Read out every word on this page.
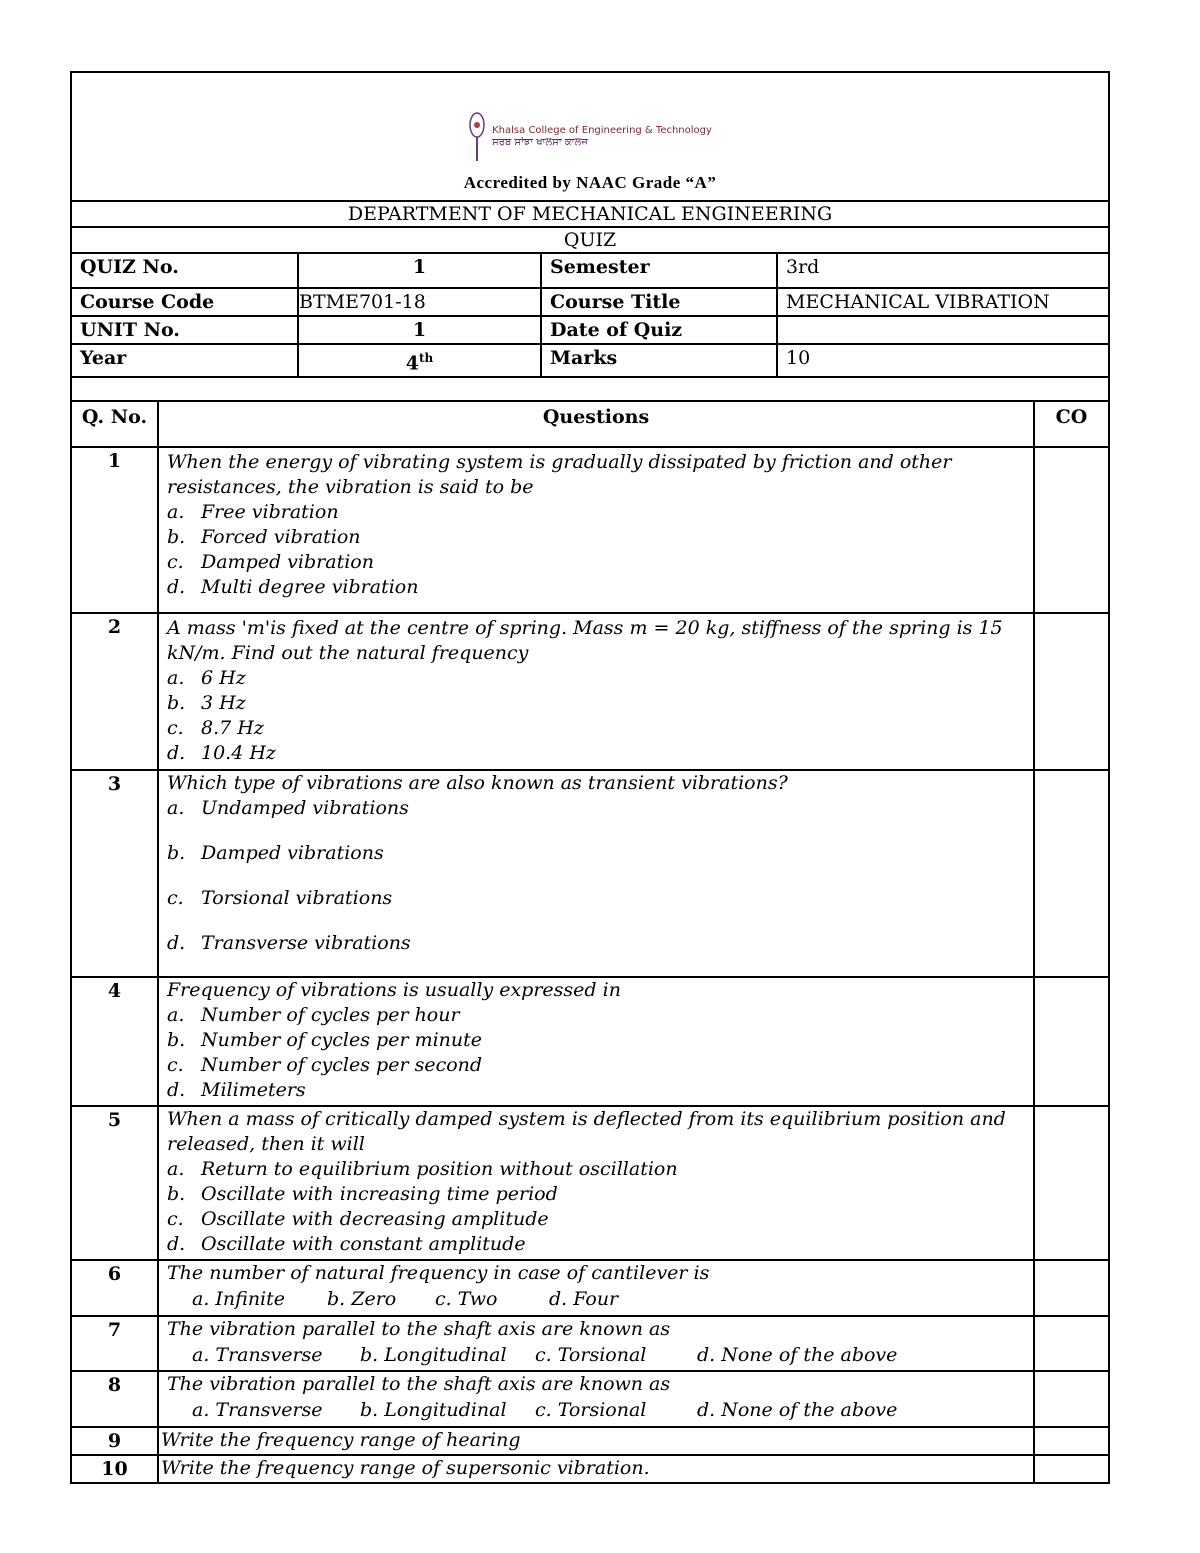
Khalsa College of Engineering & Technology
ਸਰਬ ਸਾਂਝਾ ਖਾਲਸਾ ਕਾਲਜ
Accredited by NAAC Grade “A”			

DEPARTMENT OF MECHANICAL ENGINEERING			
QUIZ			
QUIZ No.	1	Semester	3rd
Course Code	BTME701-18	Course Title	MECHANICAL VIBRATION
UNIT No.	1	Date of Quiz	
Year	4th	Marks	10

Q. No.	Questions	CO
1	When the energy of vibrating system is gradually dissipated by friction and other resistances, the vibration is said to be
a. Free vibration
b. Forced vibration
c. Damped vibration
d. Multi degree vibration	

2	A mass 'm'is fixed at the centre of spring. Mass m = 20 kg, stiffness of the spring is 15 kN/m. Find out the natural frequency
a. 6 Hz
b. 3 Hz
c. 8.7 Hz
d. 10.4 Hz	

3	Which type of vibrations are also known as transient vibrations?
a. Undamped vibrations
b. Damped vibrations
c. Torsional vibrations
d. Transverse vibrations	

4	Frequency of vibrations is usually expressed in
a. Number of cycles per hour
b. Number of cycles per minute
c. Number of cycles per second
d. Milimeters	

5	When a mass of critically damped system is deflected from its equilibrium position and released, then it will
a. Return to equilibrium position without oscillation
b. Oscillate with increasing time period
c. Oscillate with decreasing amplitude
d. Oscillate with constant amplitude	

6	The number of natural frequency in case of cantilever is
a. Infinite b. Zero c. Two d. Four	

7	The vibration parallel to the shaft axis are known as
a. Transverse b. Longitudinal c. Torsional d. None of the above	

8	The vibration parallel to the shaft axis are known as
a. Transverse b. Longitudinal c. Torsional d. None of the above	

9	Write the frequency range of hearing	
10	Write the frequency range of supersonic vibration.	
